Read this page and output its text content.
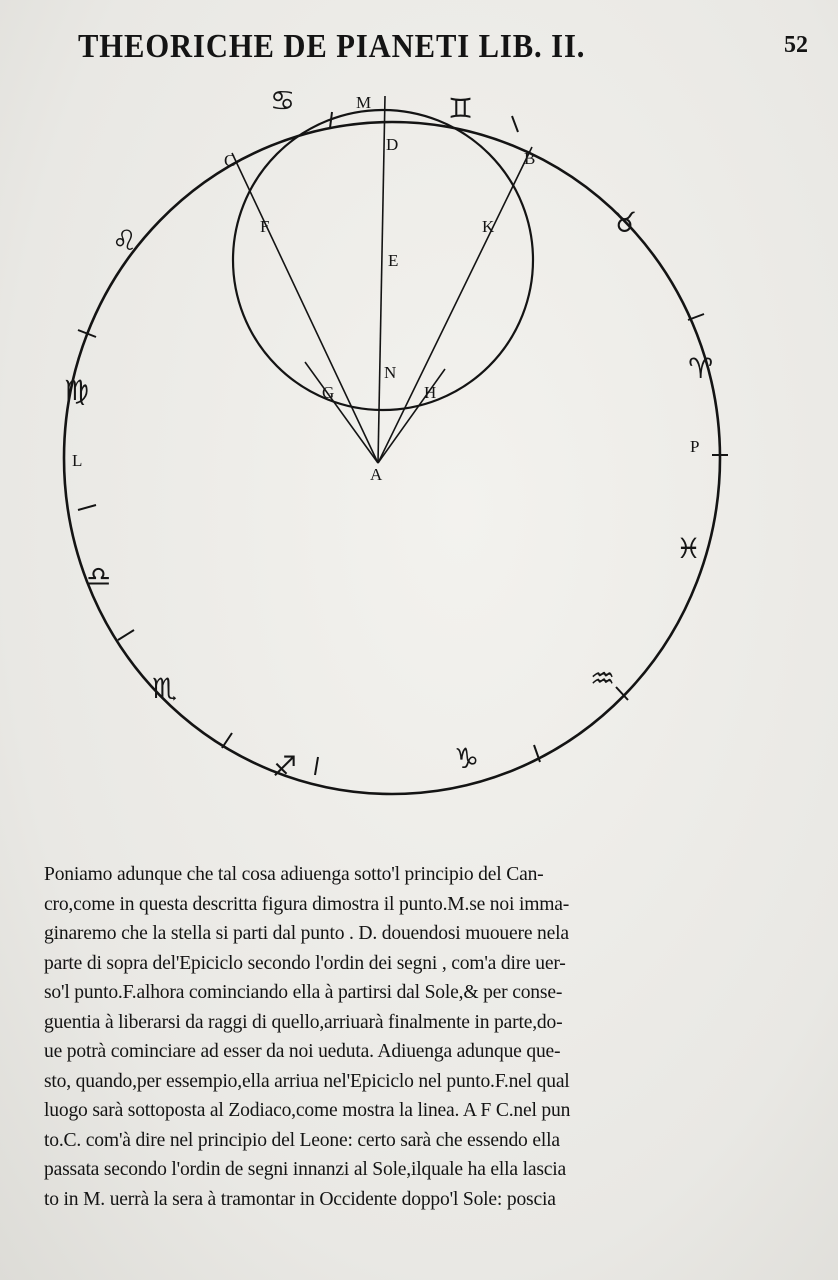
THEORICHE DE PIANETI LIB. II.	52
M
D
B
C
K
F
E
N
G	H
A
L
P
♋	♊
♉
♈
♓
♒
♑
♐
♏
♎
♍
♌
Poniamo adunque che tal cosa adiuenga sotto'l principio del Can-
cro,come in questa descritta figura dimostra il punto.M.se noi imma-
ginaremo che la stella si parti dal punto . D. douendosi muouere nela
parte di sopra del'Epiciclo secondo l'ordin dei segni , com'a dire uer-
so'l punto.F.alhora cominciando ella à partirsi dal Sole,& per conse-
guentia à liberarsi da raggi di quello,arriuarà finalmente in parte,do-
ue potrà cominciare ad esser da noi ueduta. Adiuenga adunque que-
sto, quando,per essempio,ella arriua nel'Epiciclo nel punto.F.nel qual
luogo sarà sottoposta al Zodiaco,come mostra la linea. A F C.nel pun
to.C. com'à dire nel principio del Leone: certo sarà che essendo ella
passata secondo l'ordin de segni innanzi al Sole,ilquale ha ella lascia
to in M. uerrà la sera à tramontar in Occidente doppo'l Sole: poscia
